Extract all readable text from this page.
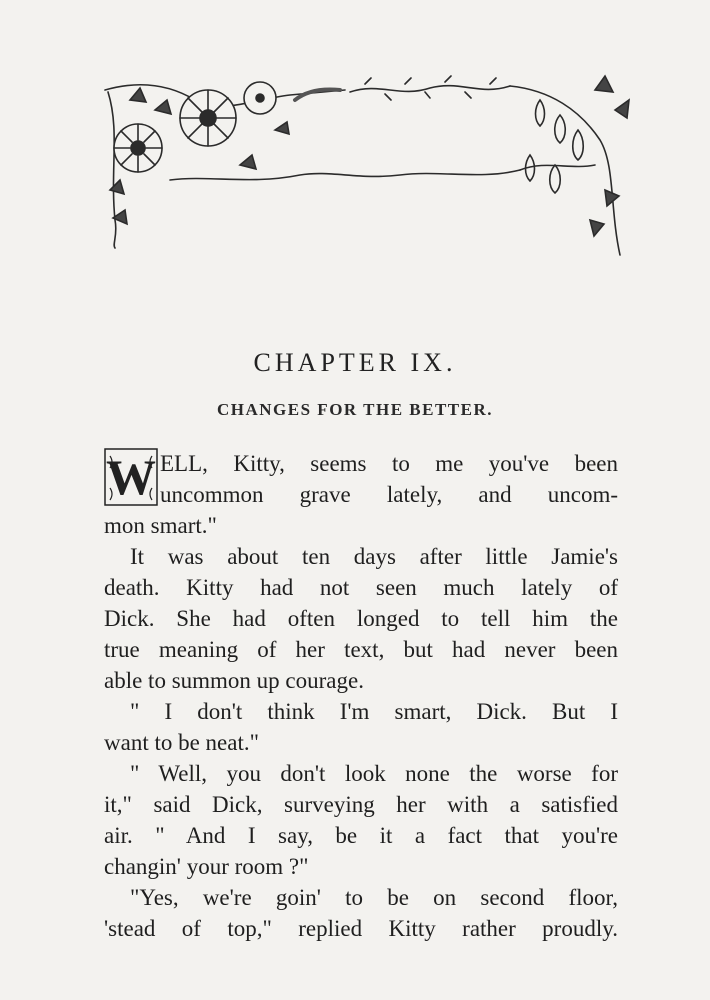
CHAPTER IX.
CHANGES FOR THE BETTER.
W ELL, Kitty, seems to me you've been
uncommon grave lately, and uncom-
mon smart."
It was about ten days after little Jamie's
death. Kitty had not seen much lately of
Dick. She had often longed to tell him the
true meaning of her text, but had never been
able to summon up courage.
" I don't think I'm smart, Dick. But I
want to be neat."
" Well, you don't look none the worse for
it," said Dick, surveying her with a satisfied
air. " And I say, be it a fact that you're
changin' your room ?"
"Yes, we're goin' to be on second floor,
'stead of top," replied Kitty rather proudly.
